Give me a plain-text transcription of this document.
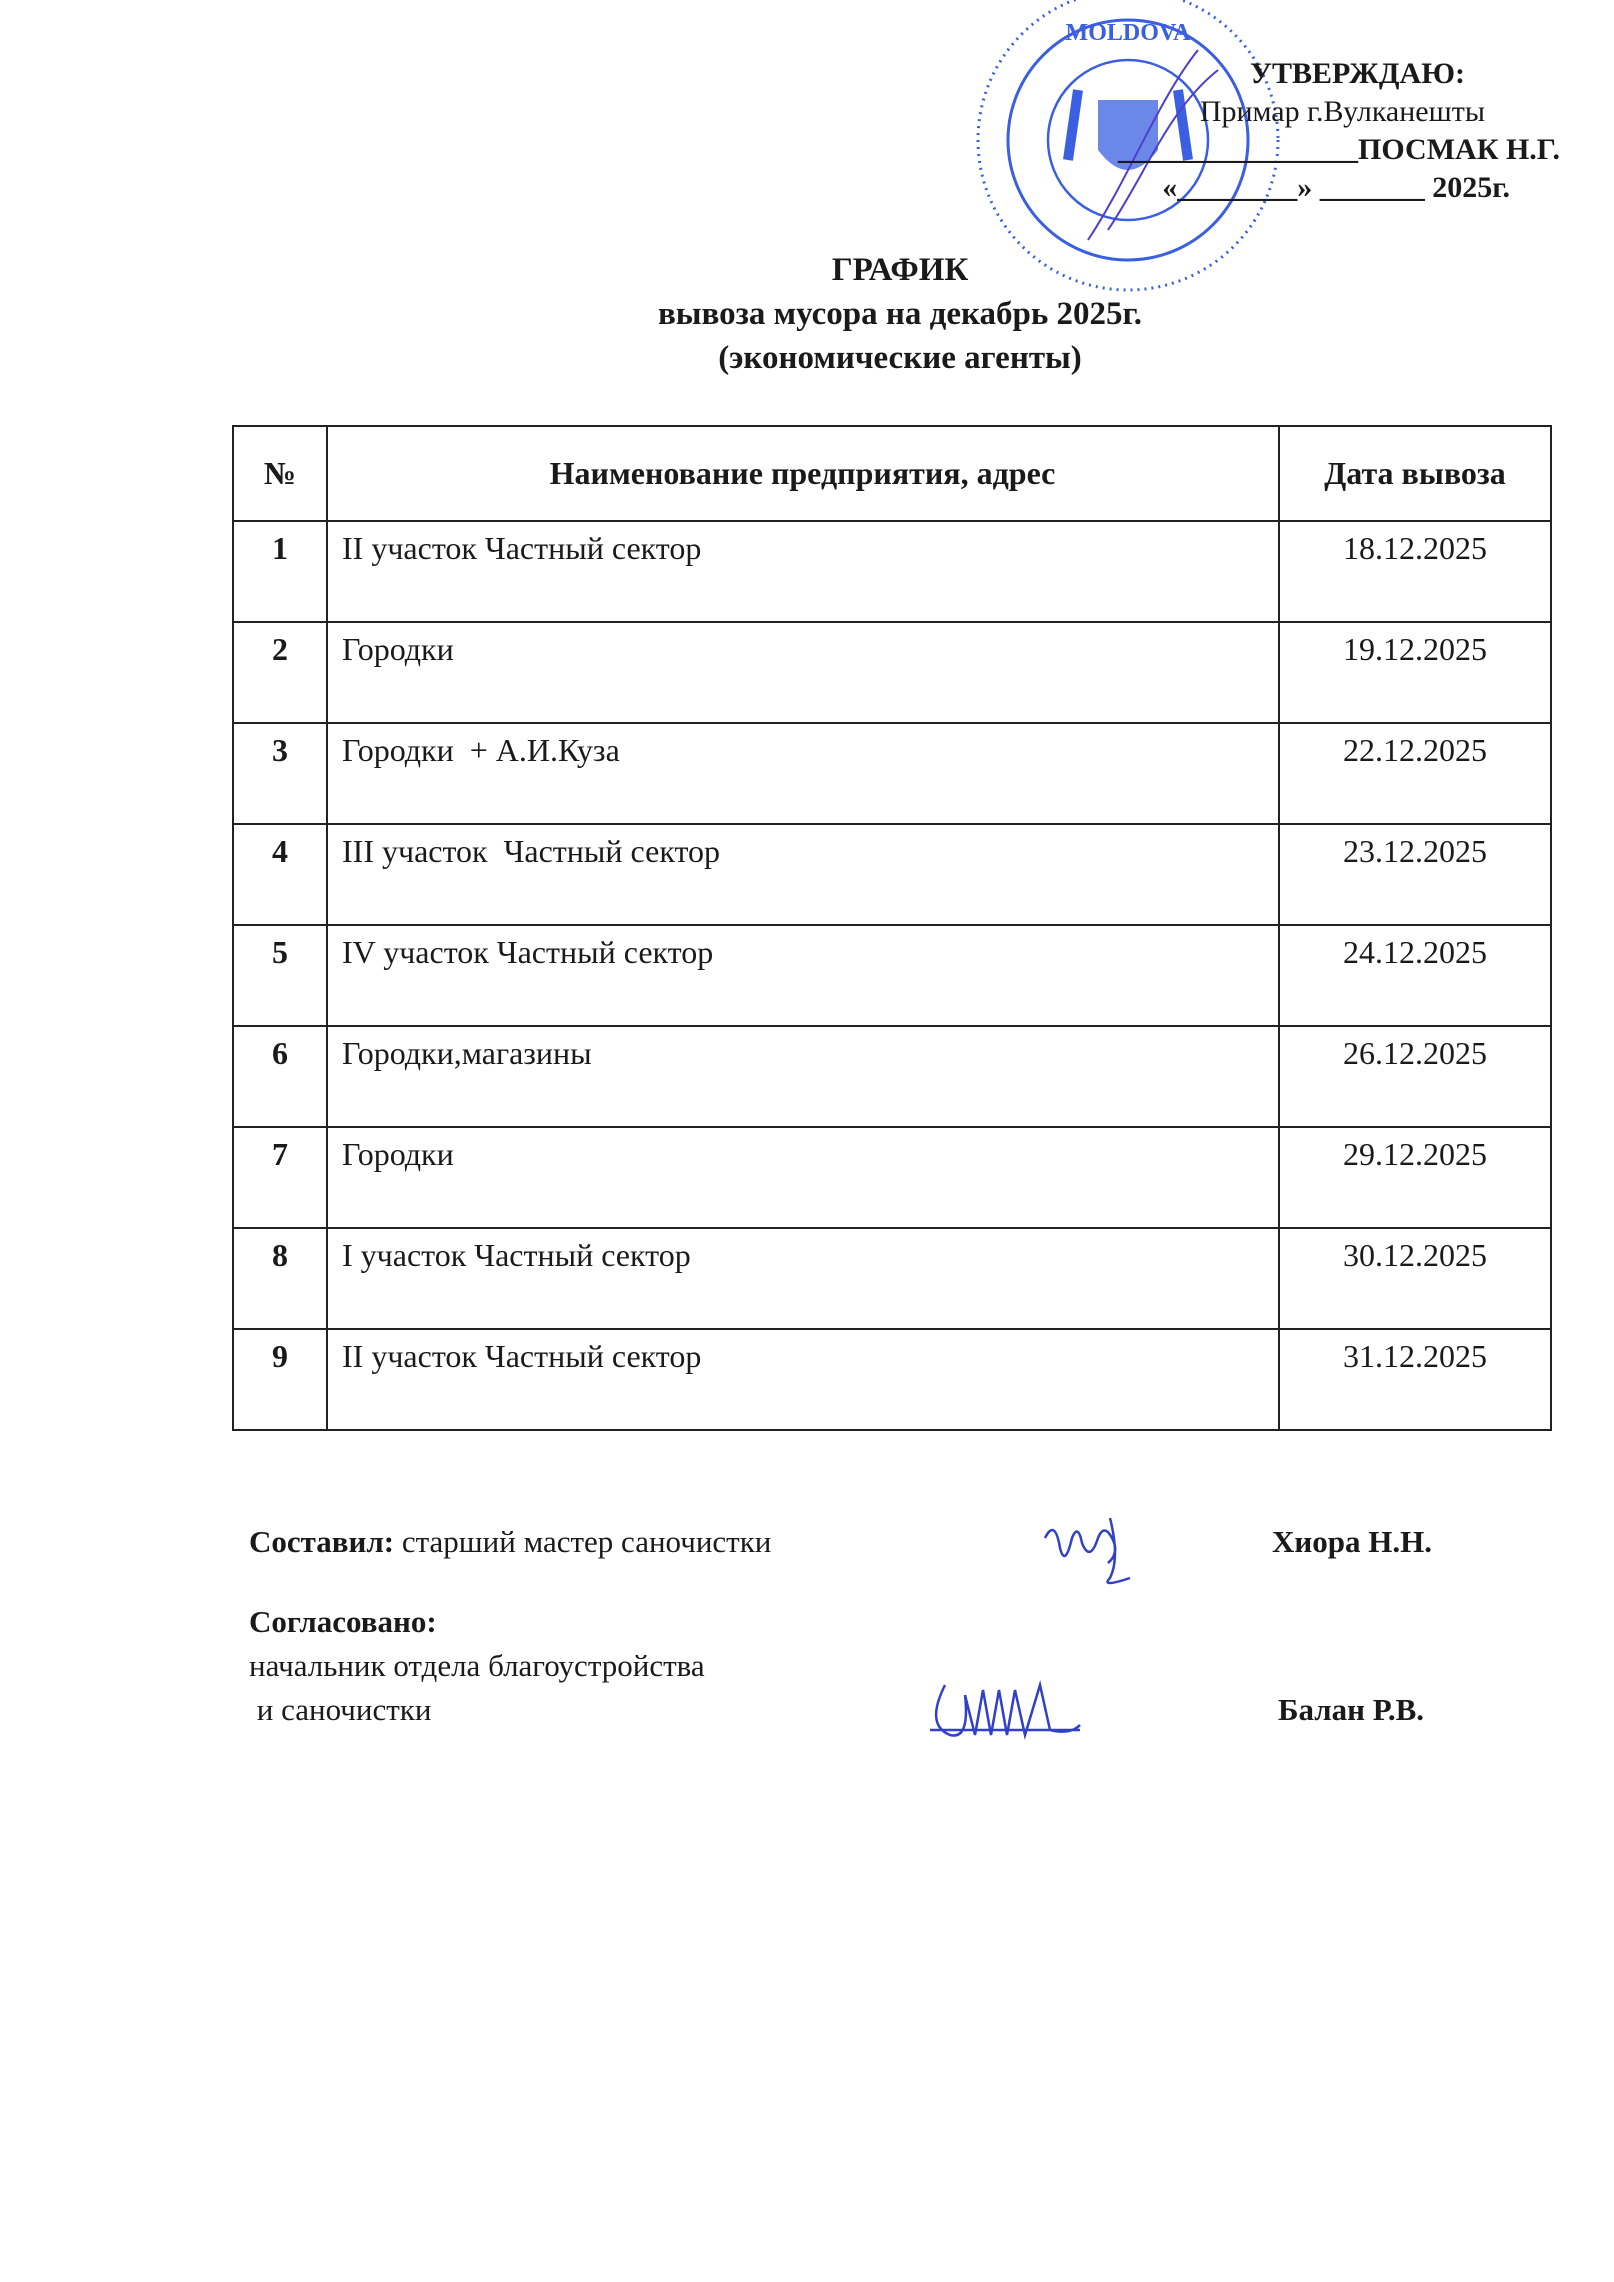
MOLDOVA
УТВЕРЖДАЮ:
Примар г.Вулканешты
________________ПОСМАК Н.Г.
«________» _______ 2025г.
ГРАФИК
вывоза мусора на декабрь 2025г.
(экономические агенты)
№	Наименование предприятия, адрес	Дата вывоза
1	II участок Частный сектор	18.12.2025
2	Городки	19.12.2025
3	Городки  + А.И.Куза	22.12.2025
4	III участок  Частный сектор	23.12.2025
5	IV участок Частный сектор	24.12.2025
6	Городки,магазины	26.12.2025
7	Городки	29.12.2025
8	I участок Частный сектор	30.12.2025
9	II участок Частный сектор	31.12.2025
Составил: старший мастер саночистки	Хиора Н.Н.
Согласовано:
начальник отдела благоустройства
и саночистки	Балан Р.В.
